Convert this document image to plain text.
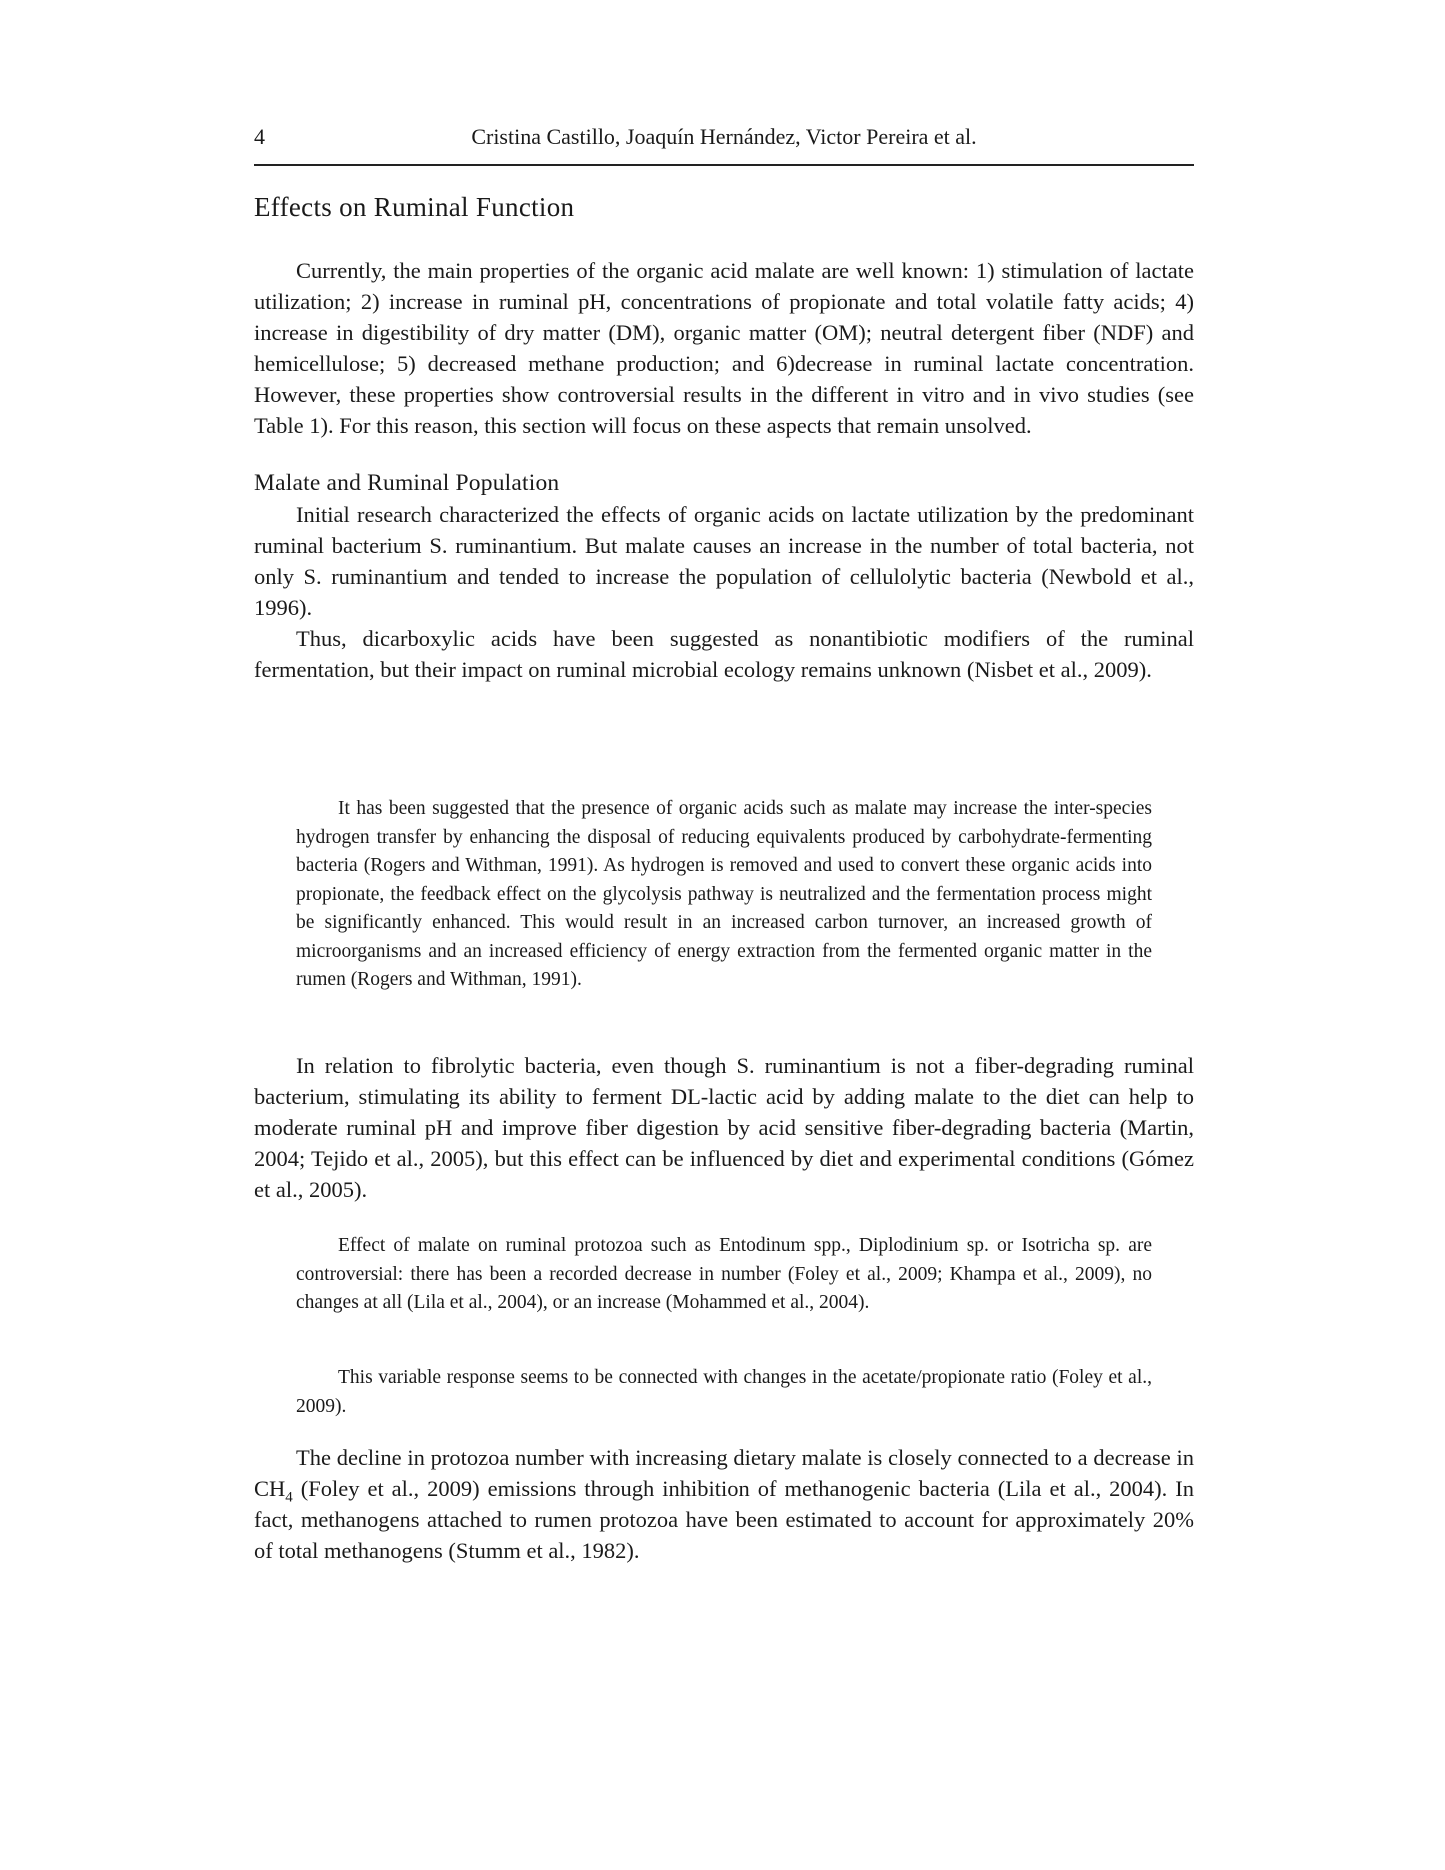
4	Cristina Castillo, Joaquín Hernández, Victor Pereira et al.
Effects on Ruminal Function

Currently, the main properties of the organic acid malate are well known: 1) stimulation of lactate utilization; 2) increase in ruminal pH, concentrations of propionate and total volatile fatty acids; 4) increase in digestibility of dry matter (DM), organic matter (OM); neutral detergent fiber (NDF) and hemicellulose; 5) decreased methane production; and 6)decrease in ruminal lactate concentration. However, these properties show controversial results in the different in vitro and in vivo studies (see Table 1). For this reason, this section will focus on these aspects that remain unsolved.

Malate and Ruminal Population

Initial research characterized the effects of organic acids on lactate utilization by the predominant ruminal bacterium S. ruminantium. But malate causes an increase in the number of total bacteria, not only S. ruminantium and tended to increase the population of cellulolytic bacteria (Newbold et al., 1996).

Thus, dicarboxylic acids have been suggested as nonantibiotic modifiers of the ruminal fermentation, but their impact on ruminal microbial ecology remains unknown (Nisbet et al., 2009).

It has been suggested that the presence of organic acids such as malate may increase the inter-species hydrogen transfer by enhancing the disposal of reducing equivalents produced by carbohydrate-fermenting bacteria (Rogers and Withman, 1991). As hydrogen is removed and used to convert these organic acids into propionate, the feedback effect on the glycolysis pathway is neutralized and the fermentation process might be significantly enhanced. This would result in an increased carbon turnover, an increased growth of microorganisms and an increased efficiency of energy extraction from the fermented organic matter in the rumen (Rogers and Withman, 1991).

In relation to fibrolytic bacteria, even though S. ruminantium is not a fiber-degrading ruminal bacterium, stimulating its ability to ferment DL-lactic acid by adding malate to the diet can help to moderate ruminal pH and improve fiber digestion by acid sensitive fiber-degrading bacteria (Martin, 2004; Tejido et al., 2005), but this effect can be influenced by diet and experimental conditions (Gómez et al., 2005).

Effect of malate on ruminal protozoa such as Entodinum spp., Diplodinium sp. or Isotricha sp. are controversial: there has been a recorded decrease in number (Foley et al., 2009; Khampa et al., 2009), no changes at all (Lila et al., 2004), or an increase (Mohammed et al., 2004).

This variable response seems to be connected with changes in the acetate/propionate ratio (Foley et al., 2009).

The decline in protozoa number with increasing dietary malate is closely connected to a decrease in $CH_4$ (Foley et al., 2009) emissions through inhibition of methanogenic bacteria (Lila et al., 2004). In fact, methanogens attached to rumen protozoa have been estimated to account for approximately 20% of total methanogens (Stumm et al., 1982).
